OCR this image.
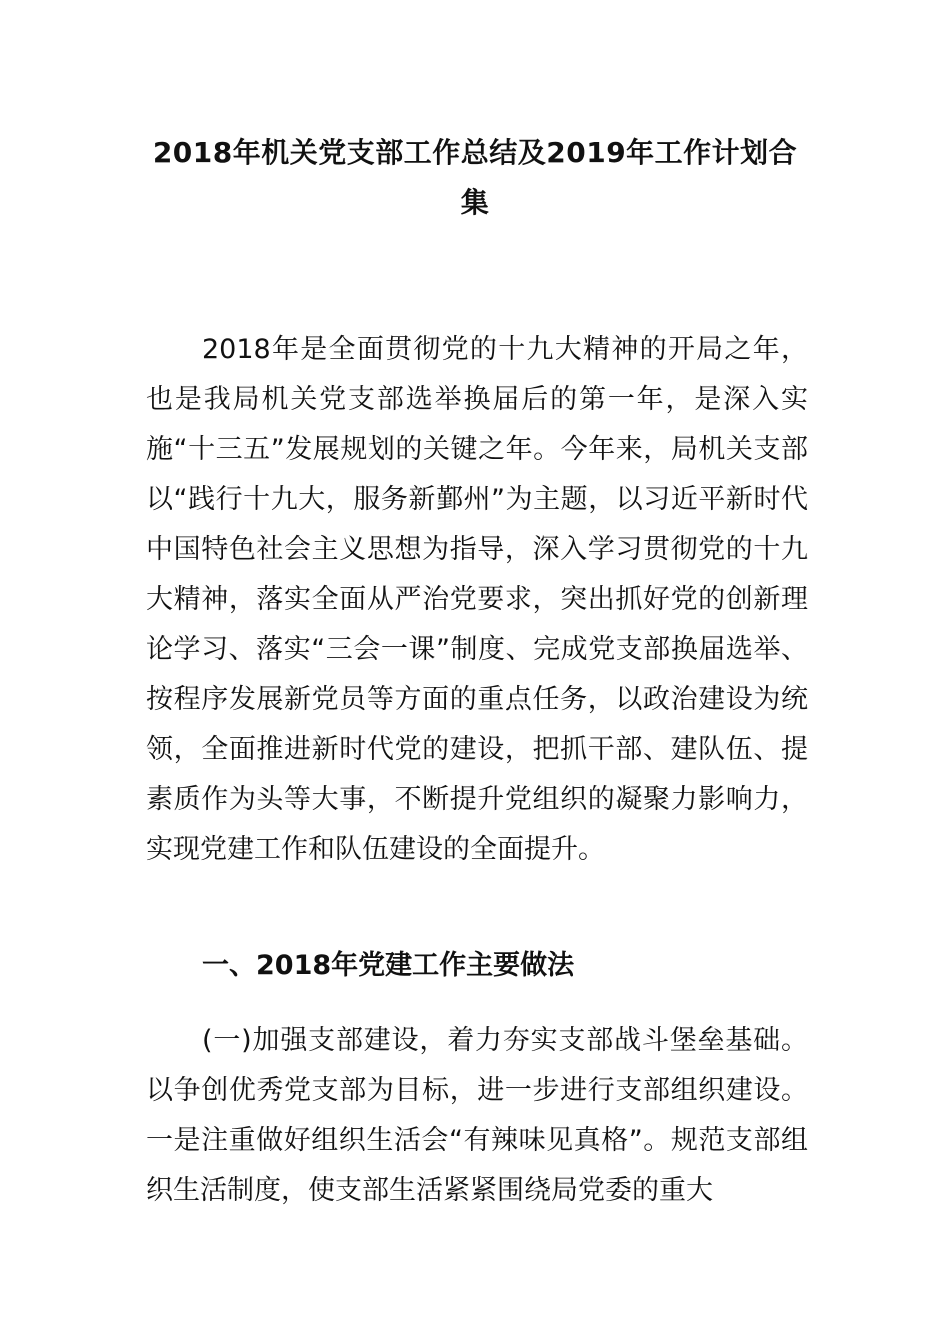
2018年机关党支部工作总结及2019年工作计划合集

2018年是全面贯彻党的十九大精神的开局之年，也是我局机关党支部选举换届后的第一年，是深入实施“十三五”发展规划的关键之年。今年来，局机关支部以“践行十九大，服务新鄞州”为主题，以习近平新时代中国特色社会主义思想为指导，深入学习贯彻党的十九大精神，落实全面从严治党要求，突出抓好党的创新理论学习、落实“三会一课”制度、完成党支部换届选举、按程序发展新党员等方面的重点任务，以政治建设为统领，全面推进新时代党的建设，把抓干部、建队伍、提素质作为头等大事，不断提升党组织的凝聚力影响力，实现党建工作和队伍建设的全面提升。

一、2018年党建工作主要做法

(一)加强支部建设，着力夯实支部战斗堡垒基础。以争创优秀党支部为目标，进一步进行支部组织建设。一是注重做好组织生活会“有辣味见真格”。规范支部组织生活制度，使支部生活紧紧围绕局党委的重大
